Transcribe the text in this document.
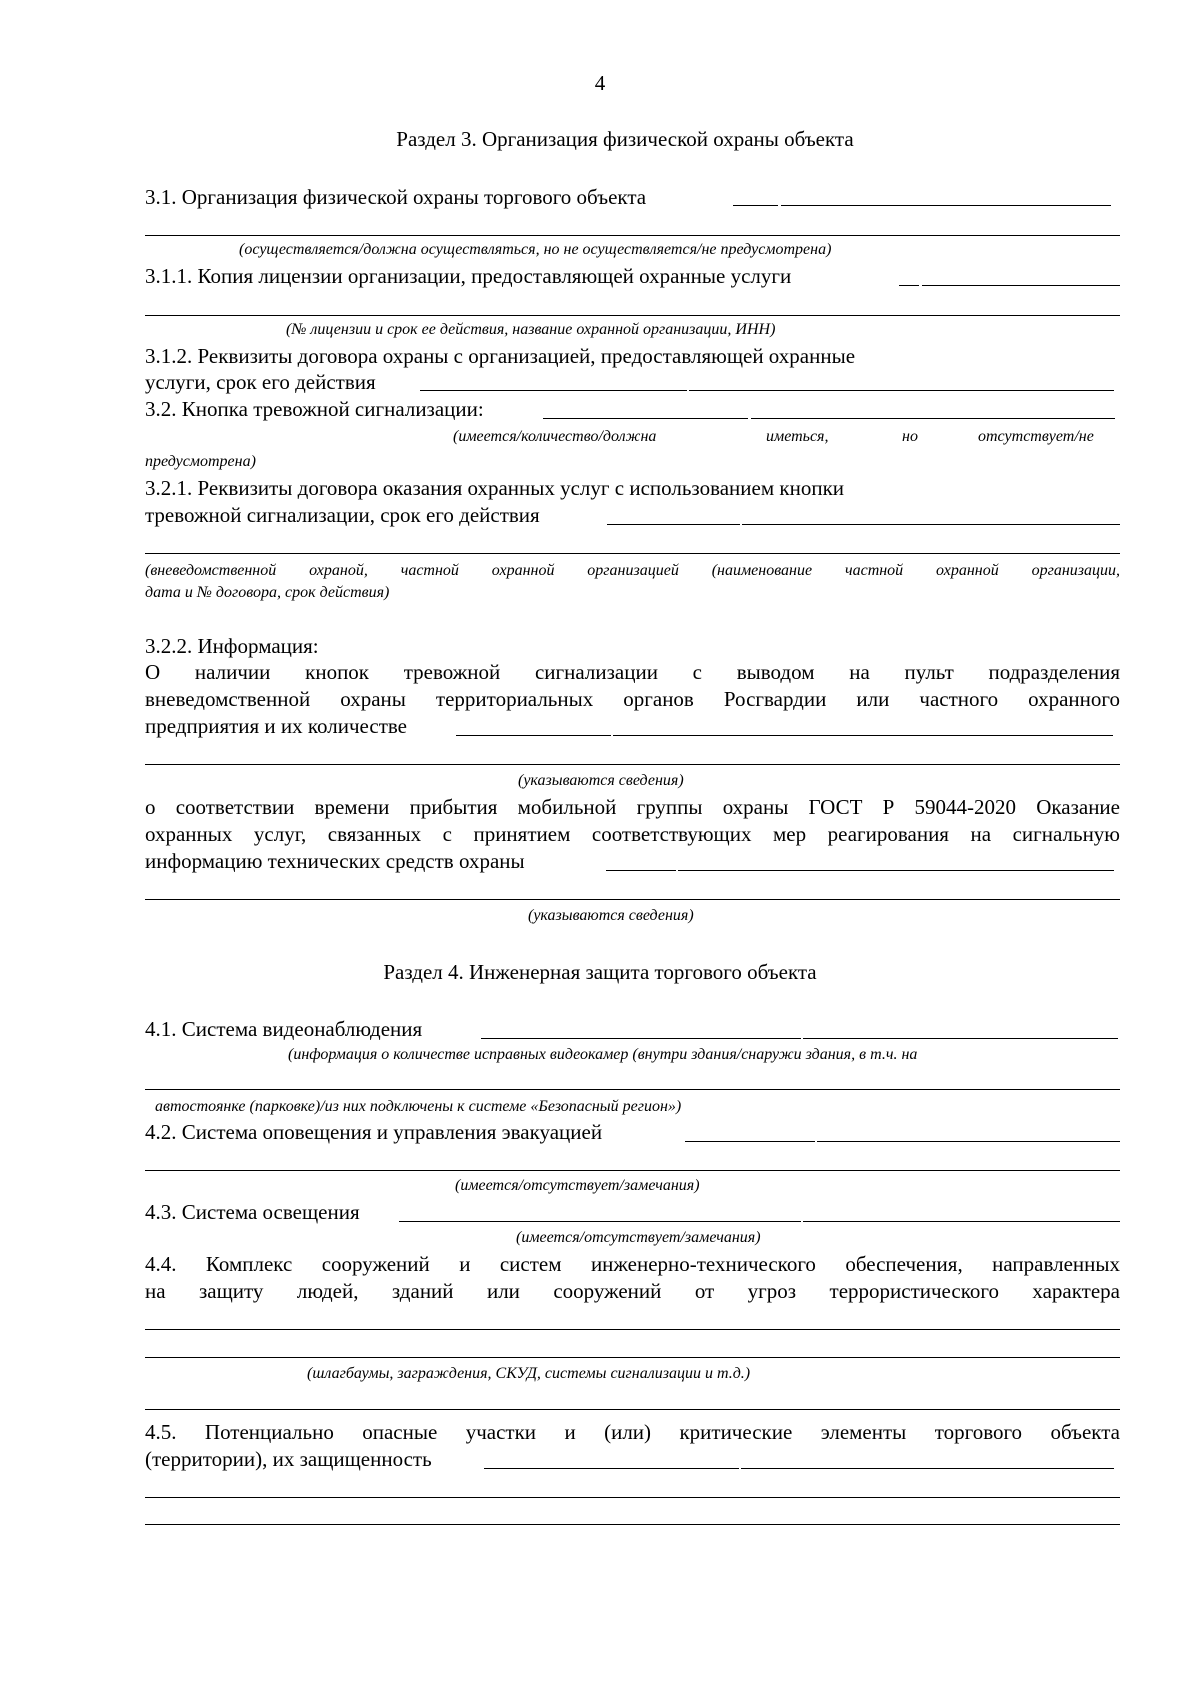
4
Раздел 3. Организация физической охраны объекта
3.1. Организация физической охраны торгового объекта
(осуществляется/должна осуществляться, но не осуществляется/не предусмотрена)
3.1.1. Копия лицензии организации, предоставляющей охранные услуги
(№ лицензии и срок ее действия, название охранной организации, ИНН)
3.1.2. Реквизиты договора охраны с организацией, предоставляющей охранные
услуги, срок его действия
3.2. Кнопка тревожной сигнализации:
(имеется/количество/должна	иметься,	но	отсутствует/не
предусмотрена)
3.2.1. Реквизиты договора оказания охранных услуг с использованием кнопки
тревожной сигнализации, срок его действия
(вневедомственной охраной, частной охранной организацией (наименование частной охранной организации,
дата и № договора, срок действия)
3.2.2. Информация:
О наличии кнопок тревожной сигнализации с выводом на пульт подразделения
вневедомственной охраны территориальных органов Росгвардии или частного охранного
предприятия и их количестве
(указываются сведения)
о соответствии времени прибытия мобильной группы охраны ГОСТ Р 59044-2020 Оказание
охранных услуг, связанных с принятием соответствующих мер реагирования на сигнальную
информацию технических средств охраны
(указываются сведения)
Раздел 4. Инженерная защита торгового объекта
4.1. Система видеонаблюдения
(информация о количестве исправных видеокамер (внутри здания/снаружи здания, в т.ч. на
автостоянке (парковке)/из них подключены к системе «Безопасный регион»)
4.2. Система оповещения и управления эвакуацией
(имеется/отсутствует/замечания)
4.3. Система освещения
(имеется/отсутствует/замечания)
4.4. Комплекс сооружений и систем инженерно-технического обеспечения, направленных
на защиту людей, зданий или сооружений от угроз террористического характера
(шлагбаумы, заграждения, СКУД, системы сигнализации и т.д.)
4.5. Потенциально опасные участки и (или) критические элементы торгового объекта
(территории), их защищенность
